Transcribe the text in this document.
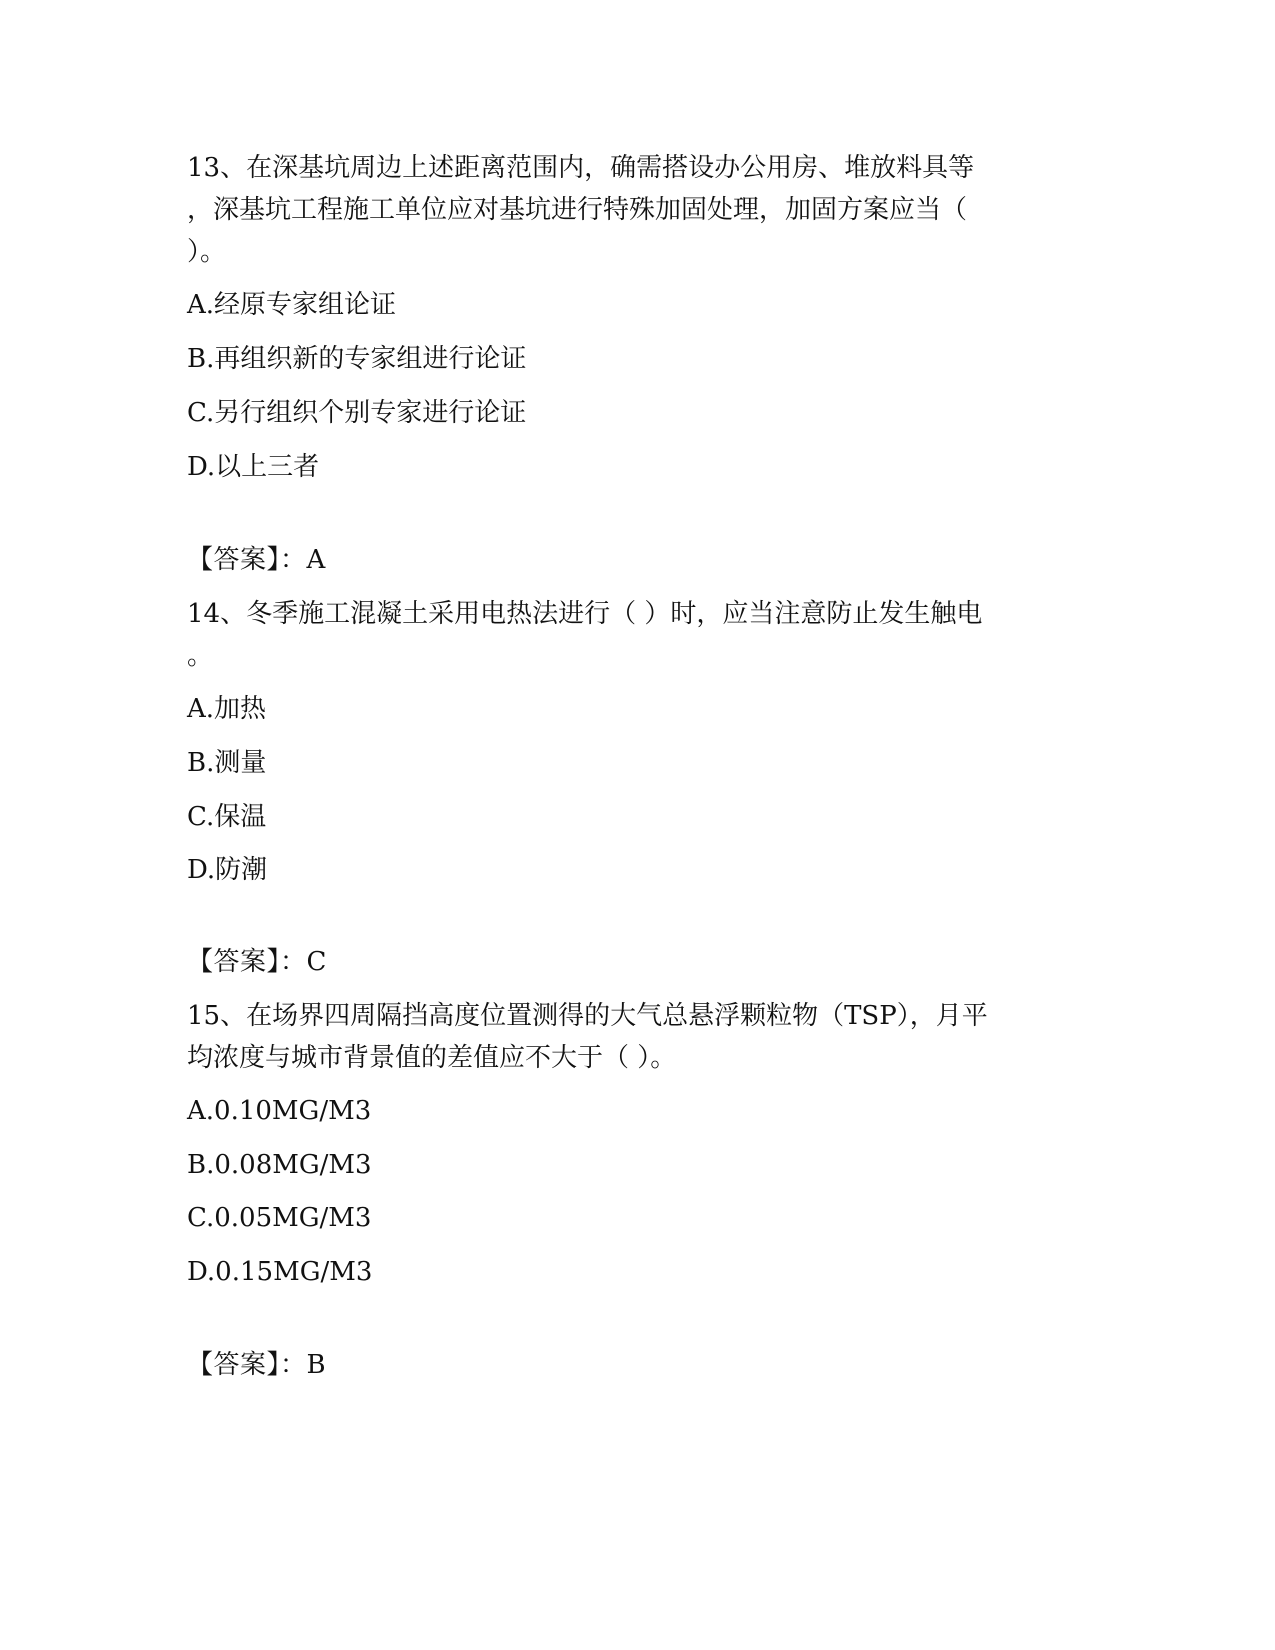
13、在深基坑周边上述距离范围内，确需搭设办公用房、堆放料具等
，深基坑工程施工单位应对基坑进行特殊加固处理，加固方案应当（
）。
A.经原专家组论证
B.再组织新的专家组进行论证
C.另行组织个别专家进行论证
D.以上三者
【答案】：A
14、冬季施工混凝土采用电热法进行（ ）时，应当注意防止发生触电
。
A.加热
B.测量
C.保温
D.防潮
【答案】：C
15、在场界四周隔挡高度位置测得的大气总悬浮颗粒物（TSP），月平
均浓度与城市背景值的差值应不大于（ ）。
A.0.10MG/M3
B.0.08MG/M3
C.0.05MG/M3
D.0.15MG/M3
【答案】：B
